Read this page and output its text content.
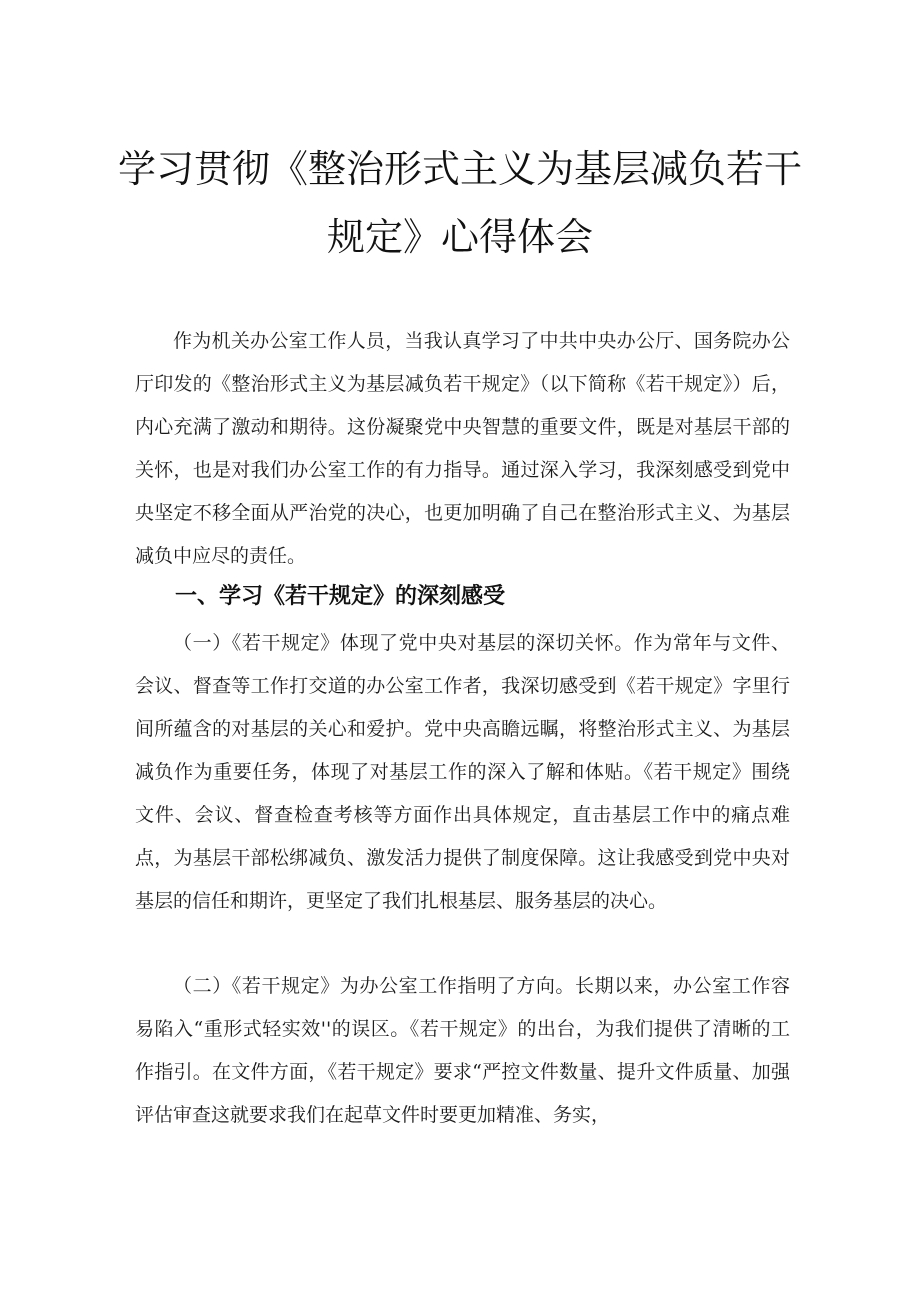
学习贯彻《整治形式主义为基层减负若干
规定》心得体会

作为机关办公室工作人员，当我认真学习了中共中央办公厅、国务院办公厅印发的《整治形式主义为基层减负若干规定》（以下简称《若干规定》）后，内心充满了激动和期待。这份凝聚党中央智慧的重要文件，既是对基层干部的关怀，也是对我们办公室工作的有力指导。通过深入学习，我深刻感受到党中央坚定不移全面从严治党的决心，也更加明确了自己在整治形式主义、为基层减负中应尽的责任。

一、学习《若干规定》的深刻感受

（一）《若干规定》体现了党中央对基层的深切关怀。作为常年与文件、会议、督查等工作打交道的办公室工作者，我深切感受到《若干规定》字里行间所蕴含的对基层的关心和爱护。党中央高瞻远瞩，将整治形式主义、为基层减负作为重要任务，体现了对基层工作的深入了解和体贴。《若干规定》围绕文件、会议、督查检查考核等方面作出具体规定，直击基层工作中的痛点难点，为基层干部松绑减负、激发活力提供了制度保障。这让我感受到党中央对基层的信任和期许，更坚定了我们扎根基层、服务基层的决心。

（二）《若干规定》为办公室工作指明了方向。长期以来，办公室工作容易陷入“重形式轻实效''的误区。《若干规定》的出台，为我们提供了清晰的工作指引。在文件方面，《若干规定》要求“严控文件数量、提升文件质量、加强评估审查这就要求我们在起草文件时要更加精准、务实，
